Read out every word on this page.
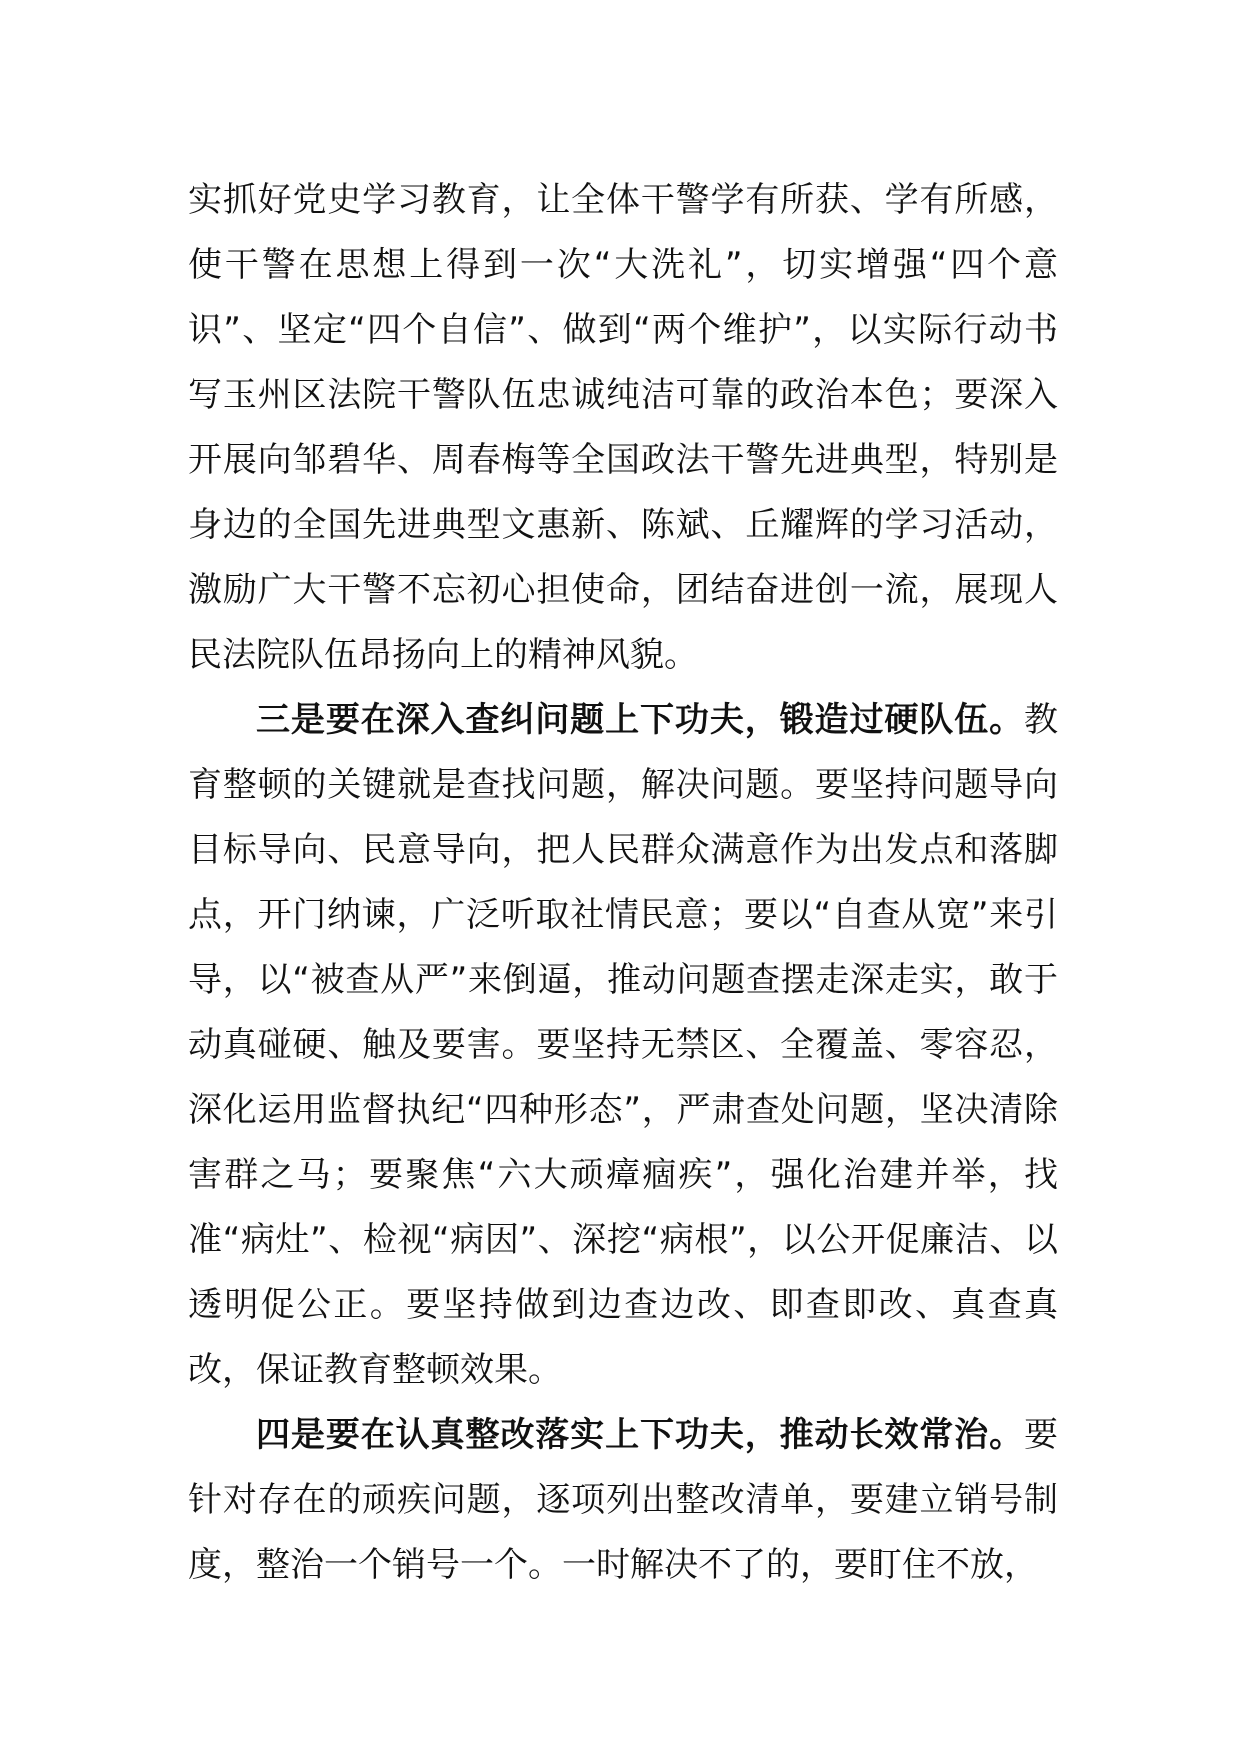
实抓好党史学习教育，让全体干警学有所获、学有所感，使干警在思想上得到一次“大洗礼”，切实增强“四个意识”、坚定“四个自信”、做到“两个维护”，以实际行动书写玉州区法院干警队伍忠诚纯洁可靠的政治本色；要深入开展向邹碧华、周春梅等全国政法干警先进典型，特别是身边的全国先进典型文惠新、陈斌、丘耀辉的学习活动，激励广大干警不忘初心担使命，团结奋进创一流，展现人民法院队伍昂扬向上的精神风貌。

三是要在深入查纠问题上下功夫，锻造过硬队伍。教育整顿的关键就是查找问题，解决问题。要坚持问题导向目标导向、民意导向，把人民群众满意作为出发点和落脚点，开门纳谏，广泛听取社情民意；要以“自查从宽”来引导，以“被查从严”来倒逼，推动问题查摆走深走实，敢于动真碰硬、触及要害。要坚持无禁区、全覆盖、零容忍，深化运用监督执纪“四种形态”，严肃查处问题，坚决清除害群之马；要聚焦“六大顽瘴痼疾”，强化治建并举，找准“病灶”、检视“病因”、深挖“病根”，以公开促廉洁、以透明促公正。要坚持做到边查边改、即查即改、真查真改，保证教育整顿效果。

四是要在认真整改落实上下功夫，推动长效常治。要针对存在的顽疾问题，逐项列出整改清单，要建立销号制度，整治一个销号一个。一时解决不了的，要盯住不放，
